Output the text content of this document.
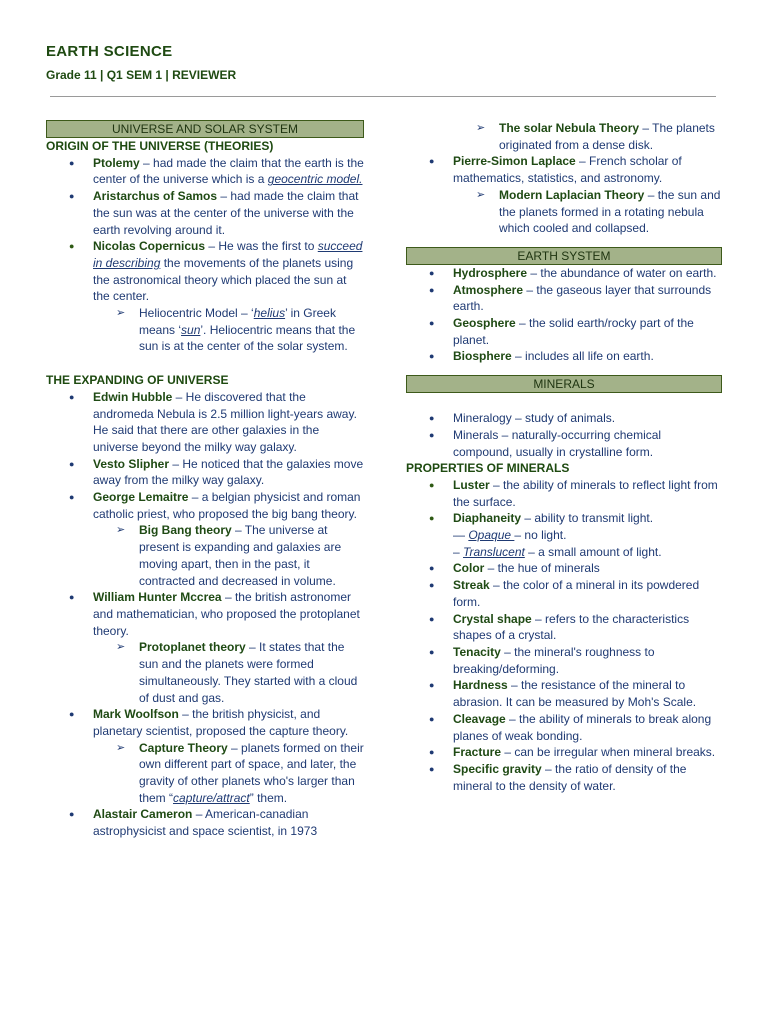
EARTH SCIENCE
Grade 11 | Q1 SEM 1 | REVIEWER
UNIVERSE AND SOLAR SYSTEM
ORIGIN OF THE UNIVERSE (THEORIES)
● Ptolemy – had made the claim that the earth is the center of the universe which is a geocentric model.
● Aristarchus of Samos – had made the claim that the sun was at the center of the universe with the earth revolving around it.
● Nicolas Copernicus – He was the first to succeed in describing the movements of the planets using the astronomical theory which placed the sun at the center.
➢ Heliocentric Model – ‘helius’ in Greek means ‘sun’. Heliocentric means that the sun is at the center of the solar system.
THE EXPANDING OF UNIVERSE
● Edwin Hubble – He discovered that the andromeda Nebula is 2.5 million light-years away. He said that there are other galaxies in the universe beyond the milky way galaxy.
● Vesto Slipher – He noticed that the galaxies move away from the milky way galaxy.
● George Lemaitre – a belgian physicist and roman catholic priest, who proposed the big bang theory.
➢ Big Bang theory – The universe at present is expanding and galaxies are moving apart, then in the past, it contracted and decreased in volume.
● William Hunter Mccrea – the british astronomer and mathematician, who proposed the protoplanet theory.
➢ Protoplanet theory – It states that the sun and the planets were formed simultaneously. They started with a cloud of dust and gas.
● Mark Woolfson – the british physicist, and planetary scientist, proposed the capture theory.
➢ Capture Theory – planets formed on their own different part of space, and later, the gravity of other planets who's larger than them “capture/attract” them.
● Alastair Cameron – American-canadian astrophysicist and space scientist, in 1973
➢ The solar Nebula Theory – The planets originated from a dense disk.
● Pierre-Simon Laplace – French scholar of mathematics, statistics, and astronomy.
➢ Modern Laplacian Theory – the sun and the planets formed in a rotating nebula which cooled and collapsed.
EARTH SYSTEM
● Hydrosphere – the abundance of water on earth.
● Atmosphere – the gaseous layer that surrounds earth.
● Geosphere – the solid earth/rocky part of the planet.
● Biosphere – includes all life on earth.
MINERALS
● Mineralogy – study of animals.
● Minerals – naturally-occurring chemical compound, usually in crystalline form.
PROPERTIES OF MINERALS
● Luster – the ability of minerals to reflect light from the surface.
● Diaphaneity – ability to transmit light.
— Opaque – no light.
– Translucent – a small amount of light.
● Color – the hue of minerals
● Streak – the color of a mineral in its powdered form.
● Crystal shape – refers to the characteristics shapes of a crystal.
● Tenacity – the mineral's roughness to breaking/deforming.
● Hardness – the resistance of the mineral to abrasion. It can be measured by Moh's Scale.
● Cleavage – the ability of minerals to break along planes of weak bonding.
● Fracture – can be irregular when mineral breaks.
● Specific gravity – the ratio of density of the mineral to the density of water.
